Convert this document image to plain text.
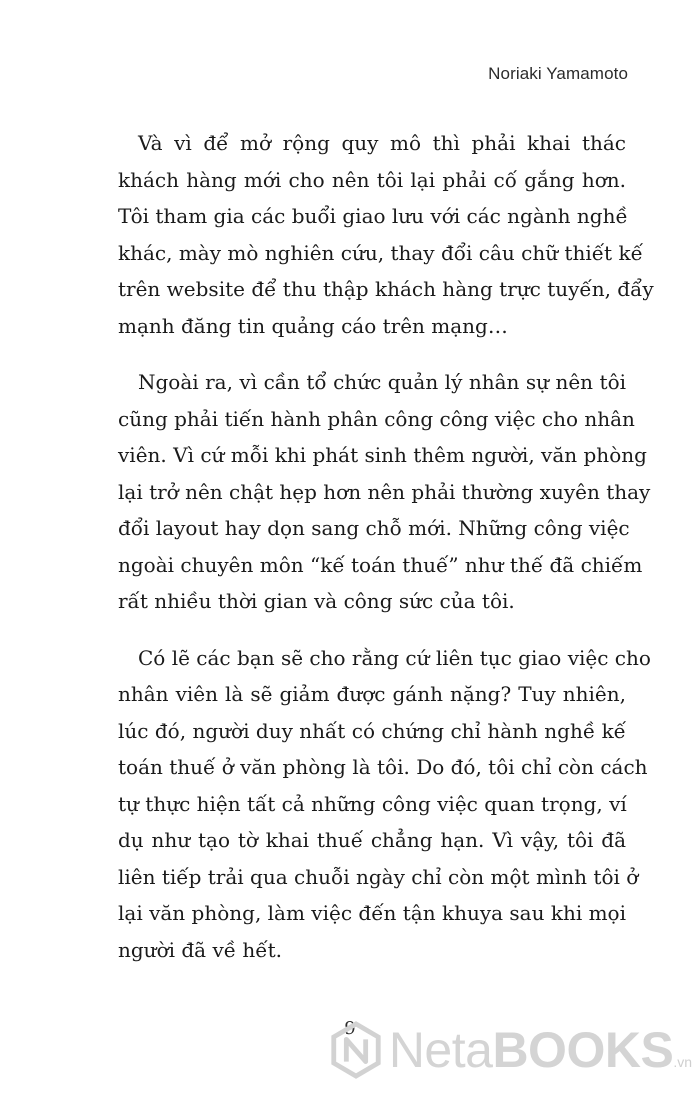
Noriaki Yamamoto
Và vì để mở rộng quy mô thì phải khai thác
khách hàng mới cho nên tôi lại phải cố gắng hơn.
Tôi tham gia các buổi giao lưu với các ngành nghề
khác, mày mò nghiên cứu, thay đổi câu chữ thiết kế
trên website để thu thập khách hàng trực tuyến, đẩy
mạnh đăng tin quảng cáo trên mạng…
Ngoài ra, vì cần tổ chức quản lý nhân sự nên tôi
cũng phải tiến hành phân công công việc cho nhân
viên. Vì cứ mỗi khi phát sinh thêm người, văn phòng
lại trở nên chật hẹp hơn nên phải thường xuyên thay
đổi layout hay dọn sang chỗ mới. Những công việc
ngoài chuyên môn “kế toán thuế” như thế đã chiếm
rất nhiều thời gian và công sức của tôi.
Có lẽ các bạn sẽ cho rằng cứ liên tục giao việc cho
nhân viên là sẽ giảm được gánh nặng? Tuy nhiên,
lúc đó, người duy nhất có chứng chỉ hành nghề kế
toán thuế ở văn phòng là tôi. Do đó, tôi chỉ còn cách
tự thực hiện tất cả những công việc quan trọng, ví
dụ như tạo tờ khai thuế chẳng hạn. Vì vậy, tôi đã
liên tiếp trải qua chuỗi ngày chỉ còn một mình tôi ở
lại văn phòng, làm việc đến tận khuya sau khi mọi
người đã về hết.
9 NetaBOOKS.vn
